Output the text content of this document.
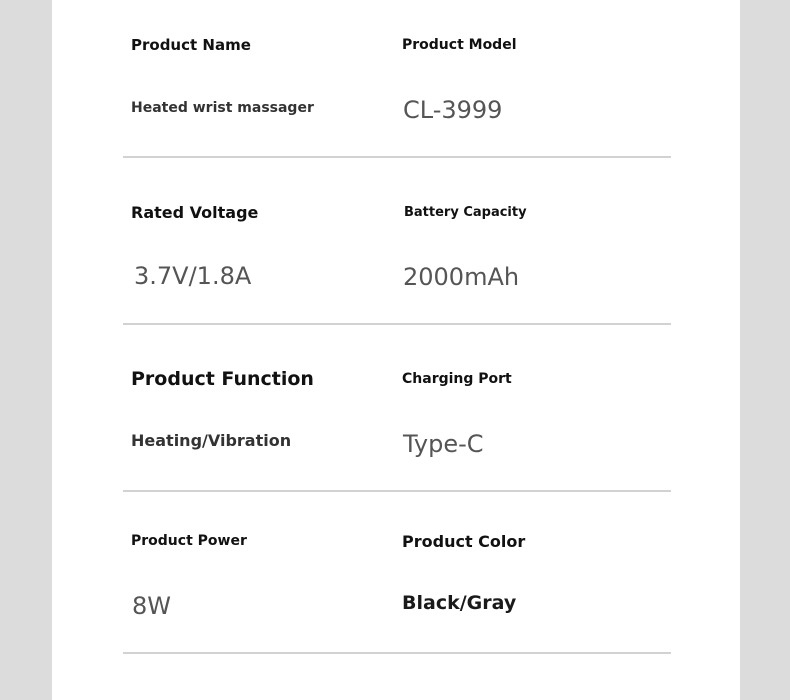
Product Name	Product Model
Heated wrist massager	CL-3999
Rated Voltage	Battery Capacity
3.7V/1.8A	2000mAh
Product Function	Charging Port
Heating/Vibration	Type-C
Product Power	Product Color
8W	Black/Gray
